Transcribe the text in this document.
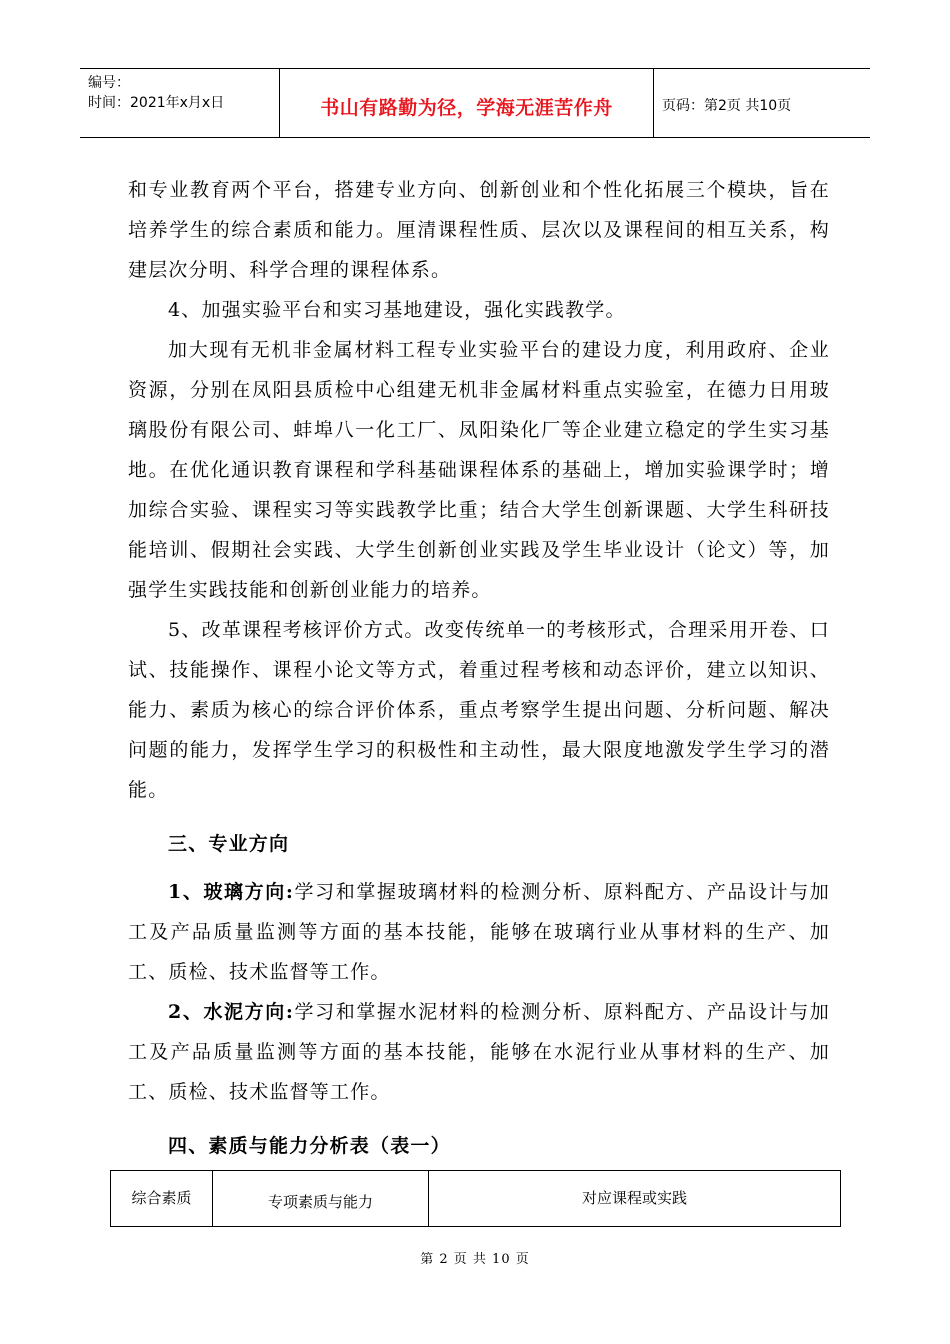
编号：
时间：2021年x月x日	书山有路勤为径，学海无涯苦作舟	页码：第2页 共10页

和专业教育两个平台，搭建专业方向、创新创业和个性化拓展三个模块，旨在培养学生的综合素质和能力。厘清课程性质、层次以及课程间的相互关系，构建层次分明、科学合理的课程体系。

4、加强实验平台和实习基地建设，强化实践教学。

加大现有无机非金属材料工程专业实验平台的建设力度，利用政府、企业资源，分别在凤阳县质检中心组建无机非金属材料重点实验室，在德力日用玻璃股份有限公司、蚌埠八一化工厂、凤阳染化厂等企业建立稳定的学生实习基地。在优化通识教育课程和学科基础课程体系的基础上，增加实验课学时；增加综合实验、课程实习等实践教学比重；结合大学生创新课题、大学生科研技能培训、假期社会实践、大学生创新创业实践及学生毕业设计（论文）等，加强学生实践技能和创新创业能力的培养。

5、改革课程考核评价方式。改变传统单一的考核形式，合理采用开卷、口试、技能操作、课程小论文等方式，着重过程考核和动态评价，建立以知识、能力、素质为核心的综合评价体系，重点考察学生提出问题、分析问题、解决问题的能力，发挥学生学习的积极性和主动性，最大限度地激发学生学习的潜能。

三、专业方向

1、玻璃方向:学习和掌握玻璃材料的检测分析、原料配方、产品设计与加工及产品质量监测等方面的基本技能，能够在玻璃行业从事材料的生产、加工、质检、技术监督等工作。

2、水泥方向:学习和掌握水泥材料的检测分析、原料配方、产品设计与加工及产品质量监测等方面的基本技能，能够在水泥行业从事材料的生产、加工、质检、技术监督等工作。

四、素质与能力分析表（表一）

综合素质	专项素质与能力	对应课程或实践
第 2 页 共 10 页
